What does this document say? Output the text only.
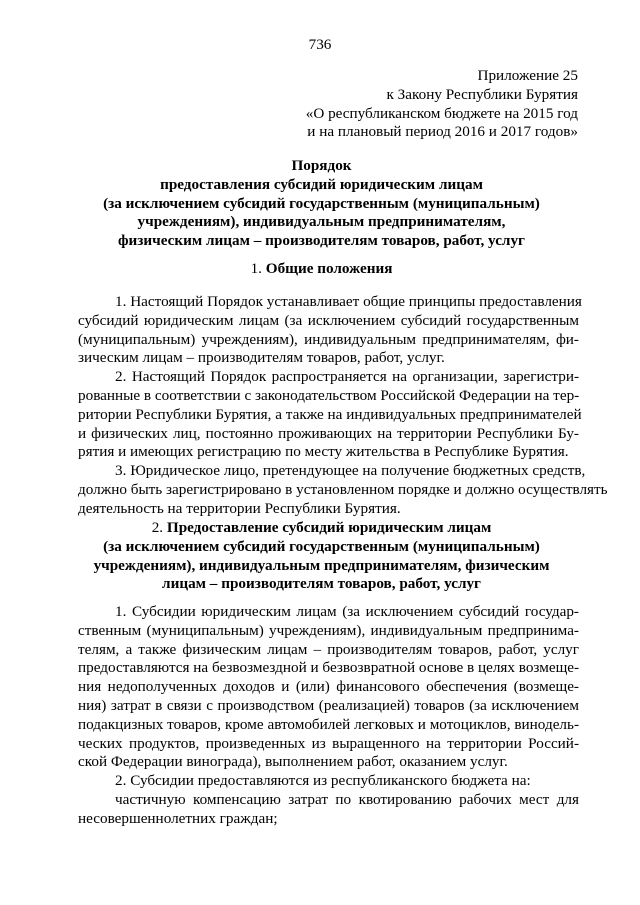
736
Приложение 25
к Закону Республики Бурятия
«О республиканском бюджете на 2015 год
и на плановый период 2016 и 2017 годов»
Порядок
предоставления субсидий юридическим лицам
(за исключением субсидий государственным (муниципальным)
учреждениям), индивидуальным предпринимателям,
физическим лицам – производителям товаров, работ, услуг
1. Общие положения
1. Настоящий Порядок устанавливает общие принципы предоставления
субсидий юридическим лицам (за исключением субсидий государственным
(муниципальным) учреждениям), индивидуальным предпринимателям, фи-
зическим лицам – производителям товаров, работ, услуг.
2. Настоящий Порядок распространяется на организации, зарегистри-
рованные в соответствии с законодательством Российской Федерации на тер-
ритории Республики Бурятия, а также на индивидуальных предпринимателей
и физических лиц, постоянно проживающих на территории Республики Бу-
рятия и имеющих регистрацию по месту жительства в Республике Бурятия.
3. Юридическое лицо, претендующее на получение бюджетных средств,
должно быть зарегистрировано в установленном порядке и должно осуществлять
деятельность на территории Республики Бурятия.
2. Предоставление субсидий юридическим лицам
(за исключением субсидий государственным (муниципальным)
учреждениям), индивидуальным предпринимателям, физическим
лицам – производителям товаров, работ, услуг
1. Субсидии юридическим лицам (за исключением субсидий государ-
ственным (муниципальным) учреждениям), индивидуальным предпринима-
телям, а также физическим лицам – производителям товаров, работ, услуг
предоставляются на безвозмездной и безвозвратной основе в целях возмеще-
ния недополученных доходов и (или) финансового обеспечения (возмеще-
ния) затрат в связи с производством (реализацией) товаров (за исключением
подакцизных товаров, кроме автомобилей легковых и мотоциклов, винодель-
ческих продуктов, произведенных из выращенного на территории Россий-
ской Федерации винограда), выполнением работ, оказанием услуг.
2. Субсидии предоставляются из республиканского бюджета на:
частичную компенсацию затрат по квотированию рабочих мест для
несовершеннолетних граждан;
